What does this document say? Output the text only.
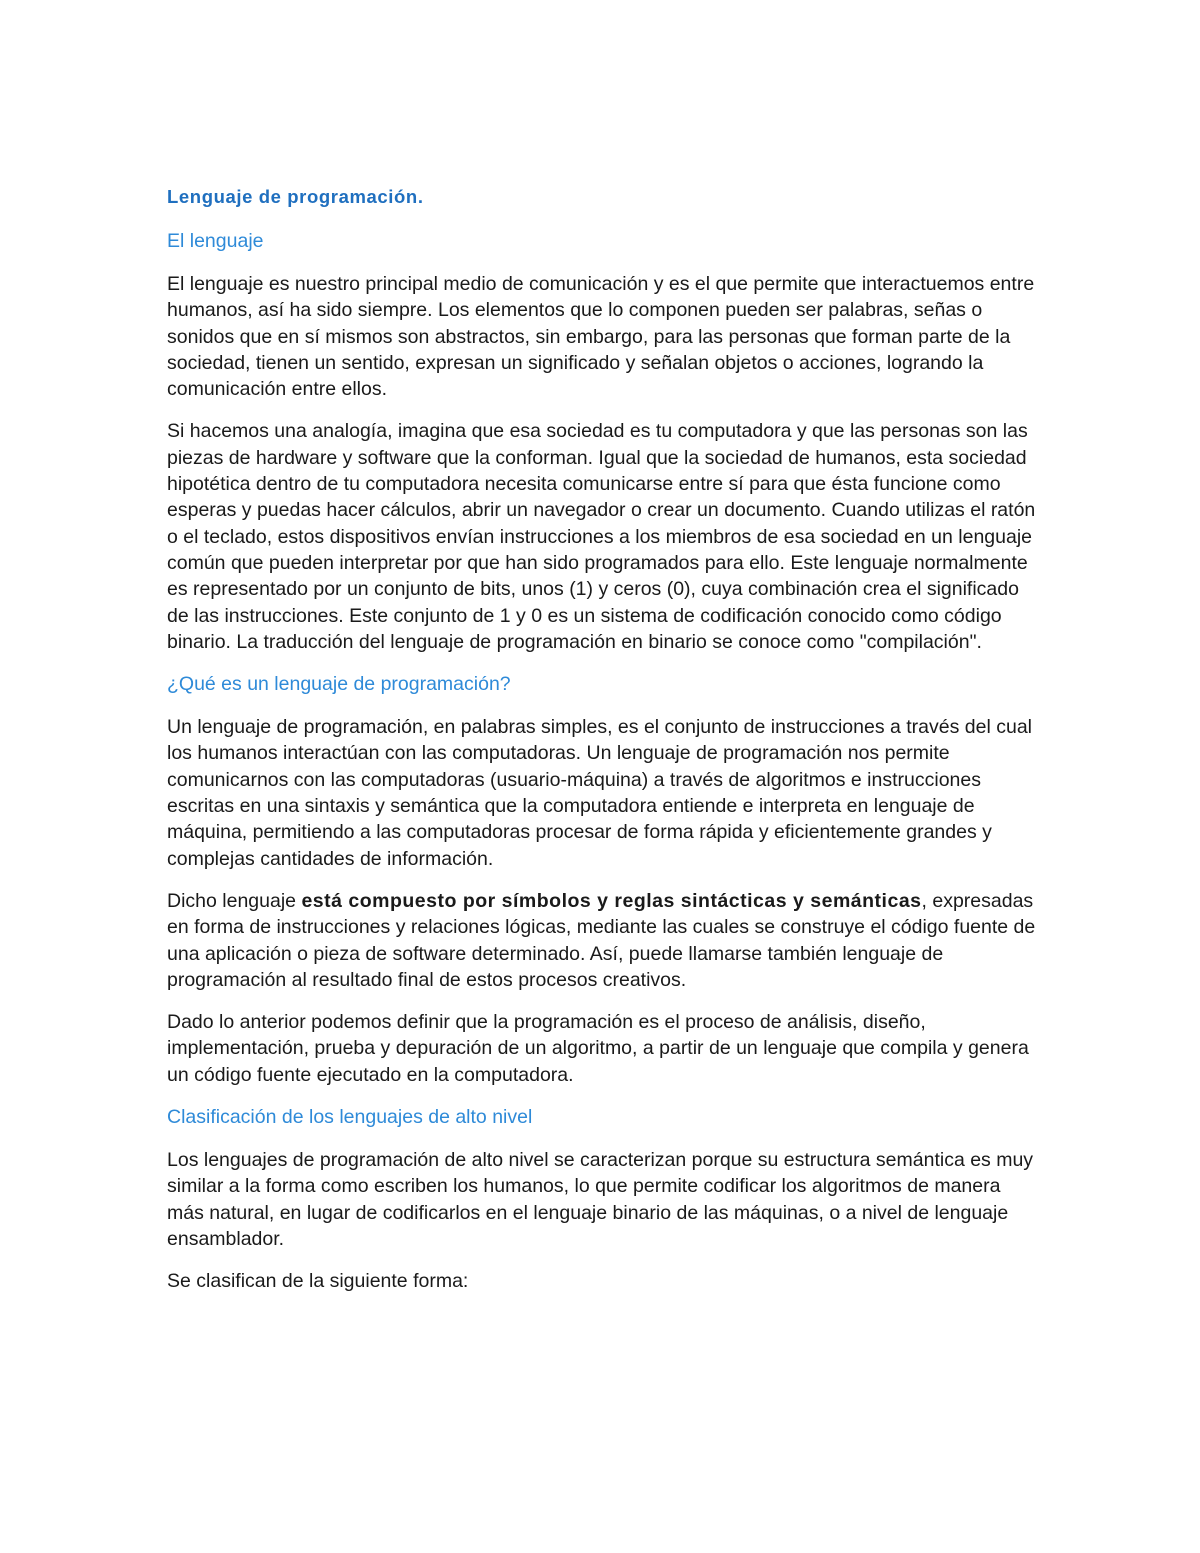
Lenguaje de programación.
El lenguaje

El lenguaje es nuestro principal medio de comunicación y es el que permite que interactuemos entre humanos, así ha sido siempre. Los elementos que lo componen pueden ser palabras, señas o sonidos que en sí mismos son abstractos, sin embargo, para las personas que forman parte de la sociedad, tienen un sentido, expresan un significado y señalan objetos o acciones, logrando la comunicación entre ellos.

Si hacemos una analogía, imagina que esa sociedad es tu computadora y que las personas son las piezas de hardware y software que la conforman. Igual que la sociedad de humanos, esta sociedad hipotética dentro de tu computadora necesita comunicarse entre sí para que ésta funcione como esperas y puedas hacer cálculos, abrir un navegador o crear un documento. Cuando utilizas el ratón o el teclado, estos dispositivos envían instrucciones a los miembros de esa sociedad en un lenguaje común que pueden interpretar por que han sido programados para ello. Este lenguaje normalmente es representado por un conjunto de bits, unos (1) y ceros (0), cuya combinación crea el significado de las instrucciones. Este conjunto de 1 y 0 es un sistema de codificación conocido como código binario. La traducción del lenguaje de programación en binario se conoce como "compilación".

¿Qué es un lenguaje de programación?

Un lenguaje de programación, en palabras simples, es el conjunto de instrucciones a través del cual los humanos interactúan con las computadoras. Un lenguaje de programación nos permite comunicarnos con las computadoras (usuario-máquina) a través de algoritmos e instrucciones escritas en una sintaxis y semántica que la computadora entiende e interpreta en lenguaje de máquina, permitiendo a las computadoras procesar de forma rápida y eficientemente grandes y complejas cantidades de información.

Dicho lenguaje está compuesto por símbolos y reglas sintácticas y semánticas, expresadas en forma de instrucciones y relaciones lógicas, mediante las cuales se construye el código fuente de una aplicación o pieza de software determinado. Así, puede llamarse también lenguaje de programación al resultado final de estos procesos creativos.

Dado lo anterior podemos definir que la programación es el proceso de análisis, diseño, implementación, prueba y depuración de un algoritmo, a partir de un lenguaje que compila y genera un código fuente ejecutado en la computadora.

Clasificación de los lenguajes de alto nivel

Los lenguajes de programación de alto nivel se caracterizan porque su estructura semántica es muy similar a la forma como escriben los humanos, lo que permite codificar los algoritmos de manera más natural, en lugar de codificarlos en el lenguaje binario de las máquinas, o a nivel de lenguaje ensamblador.

Se clasifican de la siguiente forma:
